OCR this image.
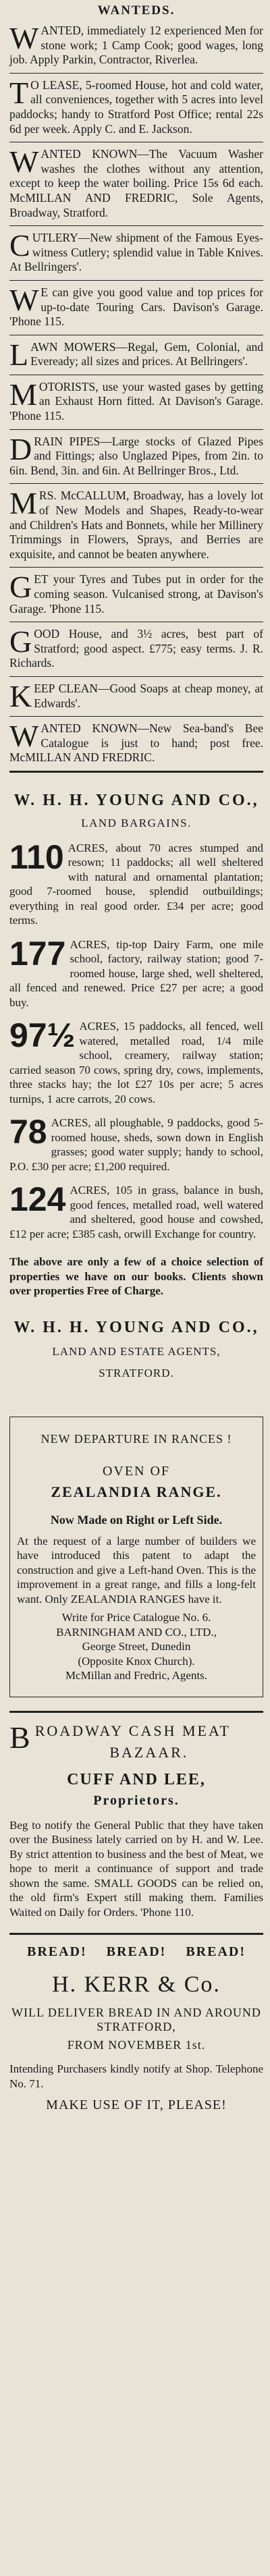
WANTEDS.

WANTED, immediately 12 experienced Men for stone work; 1 Camp Cook; good wages, long job. Apply Parkin, Contractor, Riverlea.

T O LEASE, 5-roomed House, hot and cold water, all conveniences, together with 5 acres into level paddocks; handy to Stratford Post Office; rental 22s 6d per week. Apply C. and E. Jackson.

WANTED KNOWN—The Vacuum Washer washes the clothes without any attention, except to keep the water boiling. Price 15s 6d each. McMILLAN AND FREDRIC, Sole Agents, Broadway, Stratford.

CUTLERY—New shipment of the Famous Eyes-witness Cutlery; splendid value in Table Knives. At Bellringers'.

W E can give you good value and top prices for up-to-date Touring Cars. Davison's Garage. 'Phone 115.

LAWN MOWERS—Regal, Gem, Colonial, and Eveready; all sizes and prices. At Bellringers'.

MOTORISTS, use your wasted gases by getting an Exhaust Horn fitted. At Davison's Garage. 'Phone 115.

DRAIN PIPES—Large stocks of Glazed Pipes and Fittings; also Unglazed Pipes, from 2in. to 6in. Bend, 3in. and 6in. At Bellringer Bros., Ltd.

MRS. McCALLUM, Broadway, has a lovely lot of New Models and Shapes, Ready-to-wear and Children's Hats and Bonnets, while her Millinery Trimmings in Flowers, Sprays, and Berries are exquisite, and cannot be beaten anywhere.

GET your Tyres and Tubes put in order for the coming season. Vulcanised strong, at Davison's Garage. 'Phone 115.

GOOD House, and 3½ acres, best part of Stratford; good aspect. £775; easy terms. J. R. Richards.

KEEP CLEAN—Good Soaps at cheap money, at Edwards'.

WANTED KNOWN—New Sea-band's Bee Catalogue is just to hand; post free. McMILLAN AND FREDRIC.

W. H. H. YOUNG AND CO.,
LAND BARGAINS.

110 ACRES, about 70 acres stumped and resown; 11 paddocks; all well sheltered with natural and ornamental plantation; good 7-roomed house, splendid outbuildings; everything in real good order. £34 per acre; good terms.

177 ACRES, tip-top Dairy Farm, one mile school, factory, railway station; good 7-roomed house, large shed, well sheltered, all fenced and renewed. Price £27 per acre; a good buy.

97½ ACRES, 15 paddocks, all fenced, well watered, metalled road, 1/4 mile school, creamery, railway station; carried season 70 cows, spring dry, cows, implements, three stacks hay; the lot £27 10s per acre; 5 acres turnips, 1 acre carrots, 20 cows.

78 ACRES, all ploughable, 9 paddocks, good 5-roomed house, sheds, sown down in English grasses; good water supply; handy to school, P.O. £30 per acre; £1,200 required.

124 ACRES, 105 in grass, balance in bush, good fences, metalled road, well watered and sheltered, good house and cowshed, £12 per acre; £385 cash, orwill Exchange for country.

The above are only a few of a choice selection of properties we have on our books. Clients shown over properties Free of Charge.

W. H. H. YOUNG AND CO.,
LAND AND ESTATE AGENTS,
STRATFORD.
NEW DEPARTURE IN RANCES !
OVEN OF
ZEALANDIA RANGE.
Now Made on Right or Left Side.

At the request of a large number of builders we have introduced this patent to adapt the construction and give a Left-hand Oven. This is the improvement in a great range, and fills a long-felt want. Only ZEALANDIA RANGES have it.

Write for Price Catalogue No. 6.

BARNINGHAM AND CO., LTD.,

George Street, Dunedin

(Opposite Knox Church).

McMillan and Fredric, Agents.

BROADWAY CASH MEAT
BAZAAR.
CUFF AND LEE,
Proprietors.

Beg to notify the General Public that they have taken over the Business lately carried on by H. and W. Lee. By strict attention to business and the best of Meat, we hope to merit a continuance of support and trade shown the same. SMALL GOODS can be relied on, the old firm's Expert still making them. Families Waited on Daily for Orders. 'Phone 110.

BREAD! BREAD! BREAD!
H. KERR & Co.
WILL DELIVER BREAD IN AND AROUND STRATFORD,
FROM NOVEMBER 1st.

Intending Purchasers kindly notify at Shop. Telephone No. 71.

MAKE USE OF IT, PLEASE!
